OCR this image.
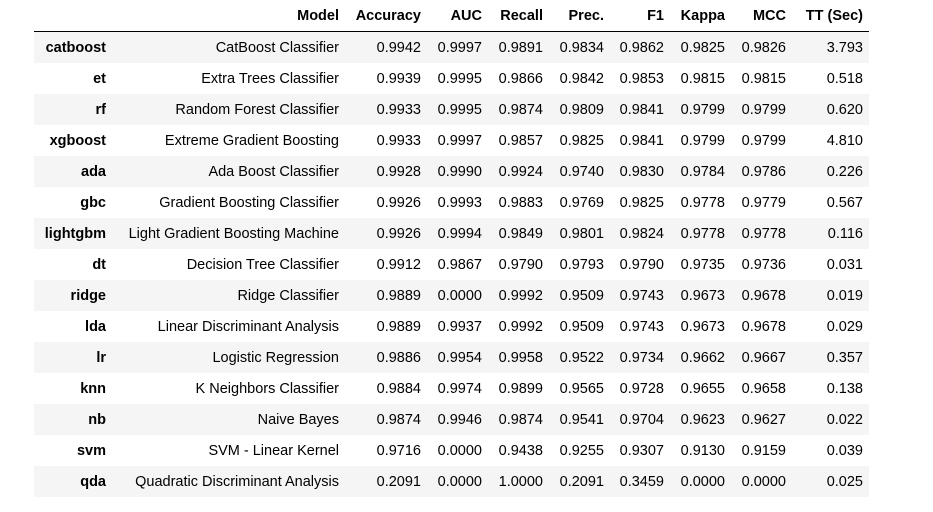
	Model	Accuracy	AUC	Recall	Prec.	F1	Kappa	MCC	TT (Sec)
catboost	CatBoost Classifier	0.9942	0.9997	0.9891	0.9834	0.9862	0.9825	0.9826	3.793
et	Extra Trees Classifier	0.9939	0.9995	0.9866	0.9842	0.9853	0.9815	0.9815	0.518
rf	Random Forest Classifier	0.9933	0.9995	0.9874	0.9809	0.9841	0.9799	0.9799	0.620
xgboost	Extreme Gradient Boosting	0.9933	0.9997	0.9857	0.9825	0.9841	0.9799	0.9799	4.810
ada	Ada Boost Classifier	0.9928	0.9990	0.9924	0.9740	0.9830	0.9784	0.9786	0.226
gbc	Gradient Boosting Classifier	0.9926	0.9993	0.9883	0.9769	0.9825	0.9778	0.9779	0.567
lightgbm	Light Gradient Boosting Machine	0.9926	0.9994	0.9849	0.9801	0.9824	0.9778	0.9778	0.116
dt	Decision Tree Classifier	0.9912	0.9867	0.9790	0.9793	0.9790	0.9735	0.9736	0.031
ridge	Ridge Classifier	0.9889	0.0000	0.9992	0.9509	0.9743	0.9673	0.9678	0.019
lda	Linear Discriminant Analysis	0.9889	0.9937	0.9992	0.9509	0.9743	0.9673	0.9678	0.029
lr	Logistic Regression	0.9886	0.9954	0.9958	0.9522	0.9734	0.9662	0.9667	0.357
knn	K Neighbors Classifier	0.9884	0.9974	0.9899	0.9565	0.9728	0.9655	0.9658	0.138
nb	Naive Bayes	0.9874	0.9946	0.9874	0.9541	0.9704	0.9623	0.9627	0.022
svm	SVM - Linear Kernel	0.9716	0.0000	0.9438	0.9255	0.9307	0.9130	0.9159	0.039
qda	Quadratic Discriminant Analysis	0.2091	0.0000	1.0000	0.2091	0.3459	0.0000	0.0000	0.025
